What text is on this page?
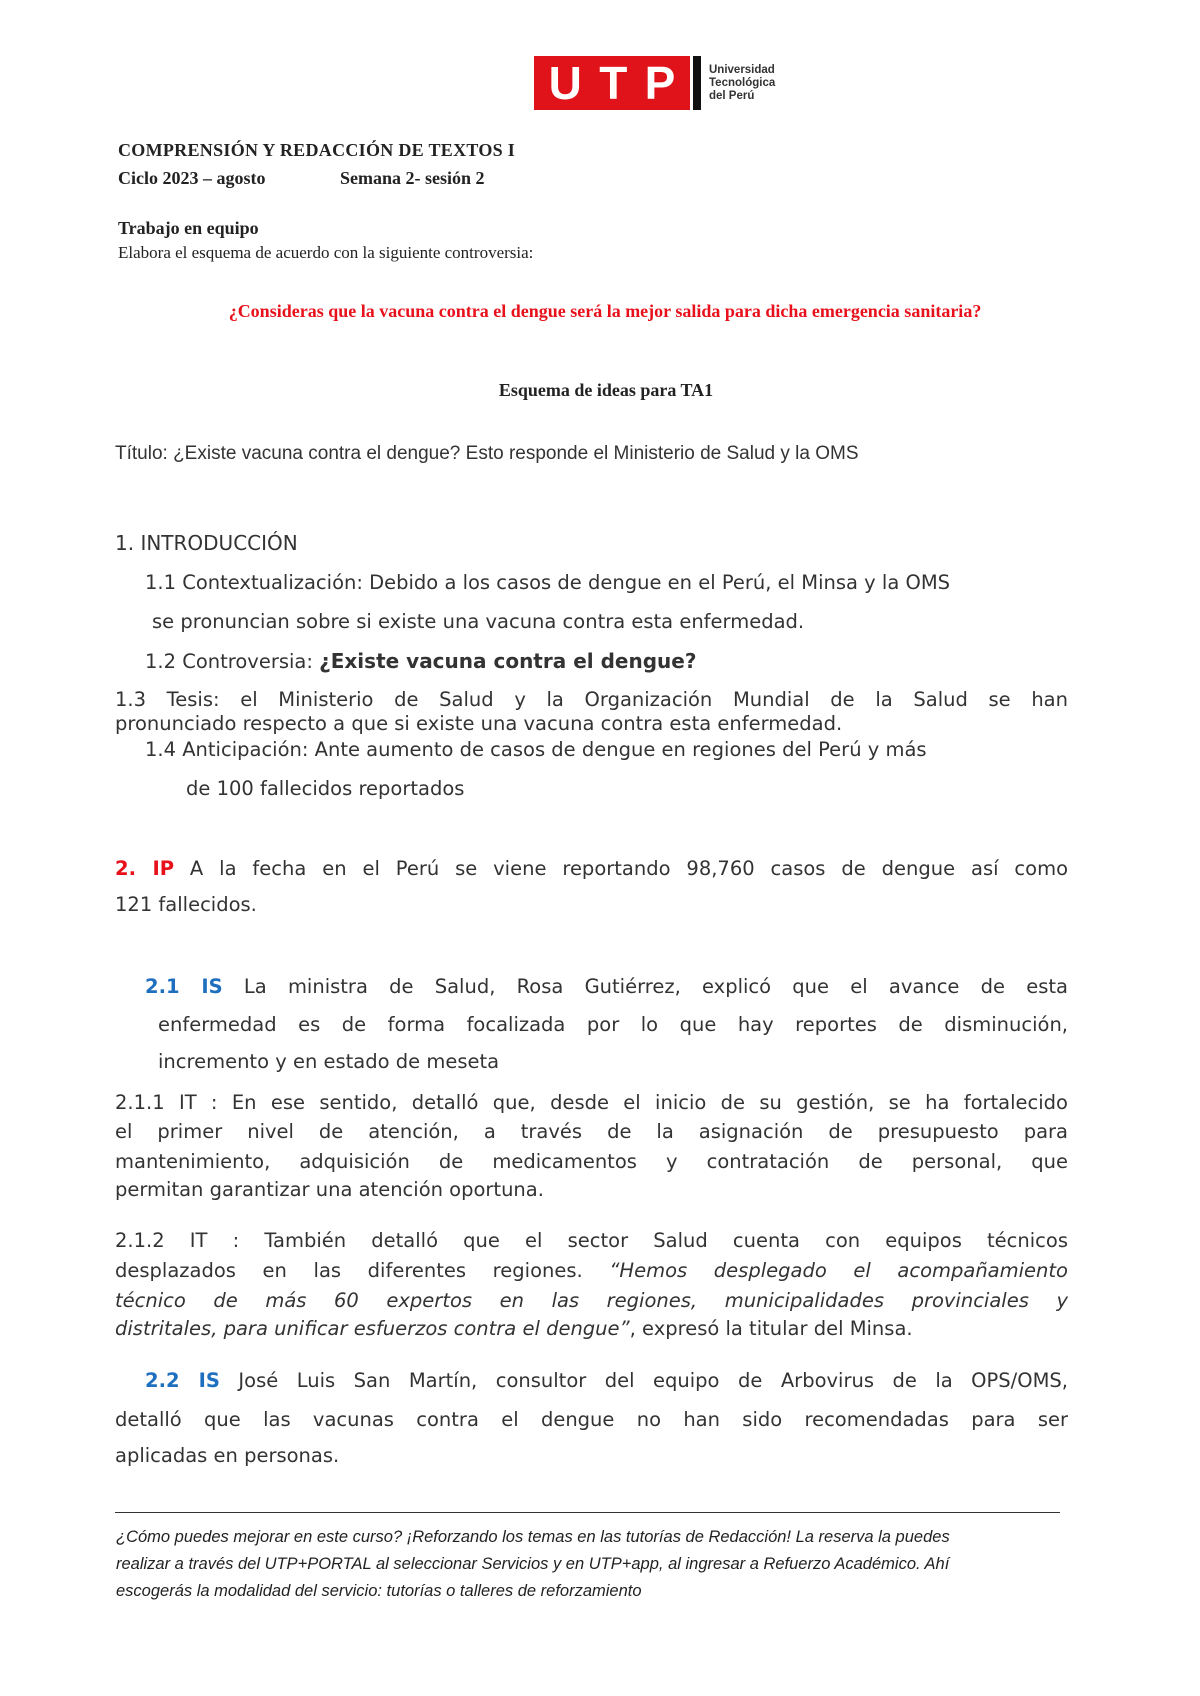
U T P	Universidad
Tecnológica
del Perú
COMPRENSIÓN Y REDACCIÓN DE TEXTOS I
Ciclo 2023 – agosto	Semana 2- sesión 2
Trabajo en equipo
Elabora el esquema de acuerdo con la siguiente controversia:
¿Consideras que la vacuna contra el dengue será la mejor salida para dicha emergencia sanitaria?
Esquema de ideas para TA1
Título: ¿Existe vacuna contra el dengue? Esto responde el Ministerio de Salud y la OMS
1. INTRODUCCIÓN
1.1 Contextualización: Debido a los casos de dengue en el Perú, el Minsa y la OMS
se pronuncian sobre si existe una vacuna contra esta enfermedad.
1.2 Controversia: ¿Existe vacuna contra el dengue?
1.3 Tesis: el Ministerio de Salud y la Organización Mundial de la Salud se han
pronunciado respecto a que si existe una vacuna contra esta enfermedad.
1.4 Anticipación: Ante aumento de casos de dengue en regiones del Perú y más
de 100 fallecidos reportados
2. IP A la fecha en el Perú se viene reportando 98,760 casos de dengue así como
121 fallecidos.
2.1 IS La ministra de Salud, Rosa Gutiérrez, explicó que el avance de esta
enfermedad es de forma focalizada por lo que hay reportes de disminución,
incremento y en estado de meseta
2.1.1 IT : En ese sentido, detalló que, desde el inicio de su gestión, se ha fortalecido
el primer nivel de atención, a través de la asignación de presupuesto para
mantenimiento, adquisición de medicamentos y contratación de personal, que
permitan garantizar una atención oportuna.
2.1.2 IT : También detalló que el sector Salud cuenta con equipos técnicos
desplazados en las diferentes regiones. “Hemos desplegado el acompañamiento
técnico de más 60 expertos en las regiones, municipalidades provinciales y
distritales, para unificar esfuerzos contra el dengue”, expresó la titular del Minsa.
2.2 IS José Luis San Martín, consultor del equipo de Arbovirus de la OPS/OMS,
detalló que las vacunas contra el dengue no han sido recomendadas para ser
aplicadas en personas.
¿Cómo puedes mejorar en este curso? ¡Reforzando los temas en las tutorías de Redacción! La reserva la puedes
realizar a través del UTP+PORTAL al seleccionar Servicios y en UTP+app, al ingresar a Refuerzo Académico. Ahí
escogerás la modalidad del servicio: tutorías o talleres de reforzamiento
